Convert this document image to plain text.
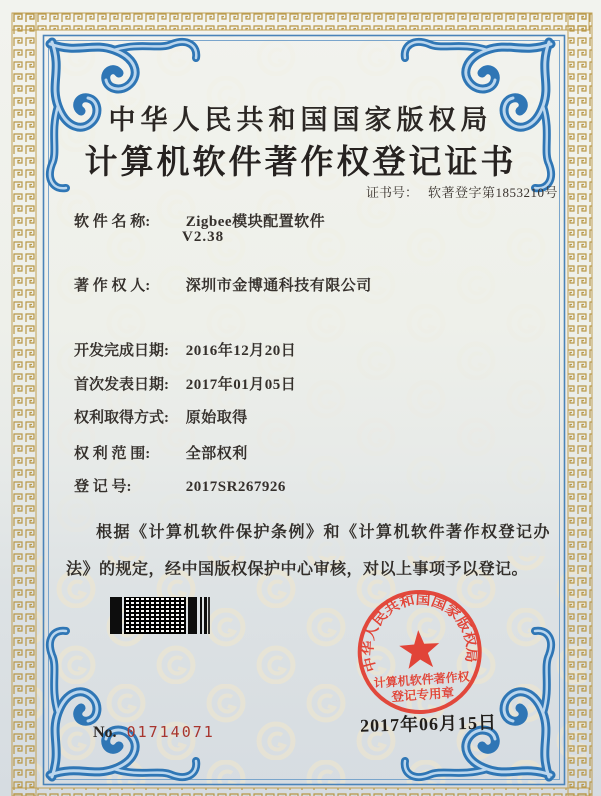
中华人民共和国国家版权局
计算机软件著作权登记证书
证书号： 软著登字第1853210号
软 件 名 称: Zigbee模块配置软件
V2.38
著 作 权 人: 深圳市金博通科技有限公司
开发完成日期: 2016年12月20日
首次发表日期: 2017年01月05日
权利取得方式: 原始取得
权 利 范 围: 全部权利
登 记 号:	2017SR267926
根据《计算机软件保护条例》和《计算机软件著作权登记办法》的规定，经中国版权保护中心审核，对以上事项予以登记。
中华人民共和国国家版权局
计算机软件著作权
登记专用章
2017年06月15日
No. 01714071
